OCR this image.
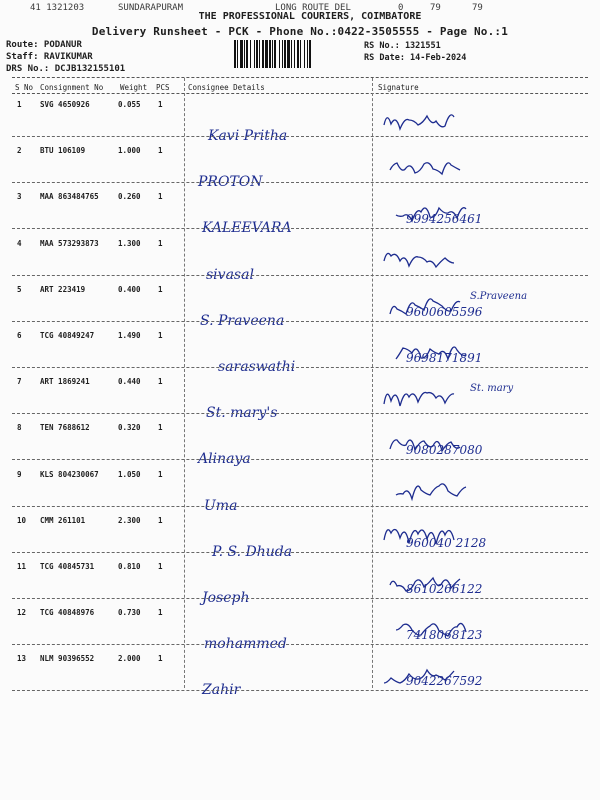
41 1321203	SUNDARAPURAM	LONG ROUTE DEL	0	79	79
THE PROFESSIONAL COURIERS, COIMBATORE
Delivery Runsheet - PCK - Phone No.:0422-3505555 - Page No.:1
Route: PODANUR
Staff: RAVIKUMAR
DRS No.: DCJB132155101
RS No.: 1321551
RS Date: 14-Feb-2024
S No Consignment No Weight PCS Consignee Details	Signature
1 SVG 4650926	0.055 1
Kavi Pritha
2 BTU 106109	1.000 1
PROTON
3 MAA 863484765	0.260 1
KALEEVARA
9994256461
4 MAA 573293873	1.300 1
sivasal
5 ART 223419	0.400 1
S. Praveena
S.Praveena
9600605596
6 TCG 40849247	1.490 1
saraswathi
9698171891
7 ART 1869241	0.440 1
St. mary's
St. mary
8 TEN 7688612	0.320 1
Alinaya
9080287080
9 KLS 804230067	1.050 1
Uma
10 CMM 261101	2.300 1
P. S. Dhuda
960040 2128
11 TCG 40845731	0.810 1
Joseph
8610266122
12 TCG 40848976	0.730 1
mohammed
7418068123
13 NLM 90396552	2.000 1
Zahir
9042267592
